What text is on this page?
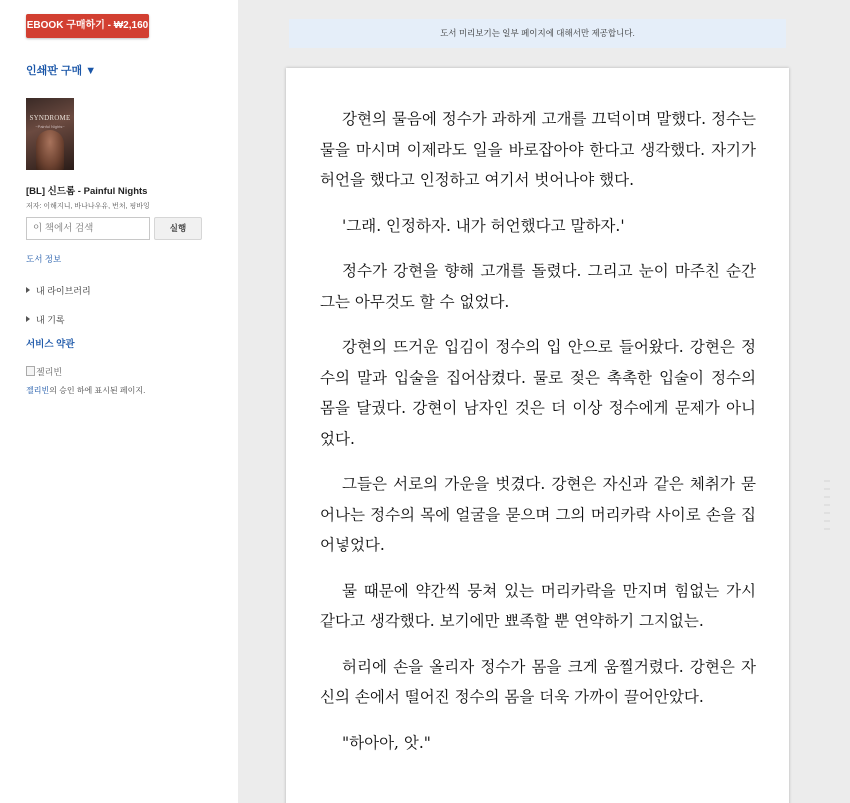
EBOOK 구매하기 - ₩2,160
인쇄판 구매 ▼
SYNDROME
~Painful Nights~
[BL] 신드롬 - Painful Nights
저자: 이해지니, 바나나우유, 번처, 핑바잉
이 책에서 검색
실행
도서 정보
내 라이브러리
내 기록
서비스 약관
젤리빈
젤리빈의 승인 하에 표시된 페이지.
도서 미리보기는 일부 페이지에 대해서만 제공합니다.

강현의 물음에 정수가 과하게 고개를 끄덕이며 말했다. 정수는 물을 마시며 이제라도 일을 바로잡아야 한다고 생각했다. 자기가 허언을 했다고 인정하고 여기서 벗어나야 했다.

'그래. 인정하자. 내가 허언했다고 말하자.'

정수가 강현을 향해 고개를 돌렸다. 그리고 눈이 마주친 순간 그는 아무것도 할 수 없었다.

강현의 뜨거운 입김이 정수의 입 안으로 들어왔다. 강현은 정수의 말과 입술을 집어삼켰다. 물로 젖은 촉촉한 입술이 정수의 몸을 달궜다. 강현이 남자인 것은 더 이상 정수에게 문제가 아니었다.

그들은 서로의 가운을 벗겼다. 강현은 자신과 같은 체취가 묻어나는 정수의 목에 얼굴을 묻으며 그의 머리카락 사이로 손을 집어넣었다.

물 때문에 약간씩 뭉쳐 있는 머리카락을 만지며 힘없는 가시 같다고 생각했다. 보기에만 뾰족할 뿐 연약하기 그지없는.

허리에 손을 올리자 정수가 몸을 크게 움찔거렸다. 강현은 자신의 손에서 떨어진 정수의 몸을 더욱 가까이 끌어안았다.

"하아아, 앗."
